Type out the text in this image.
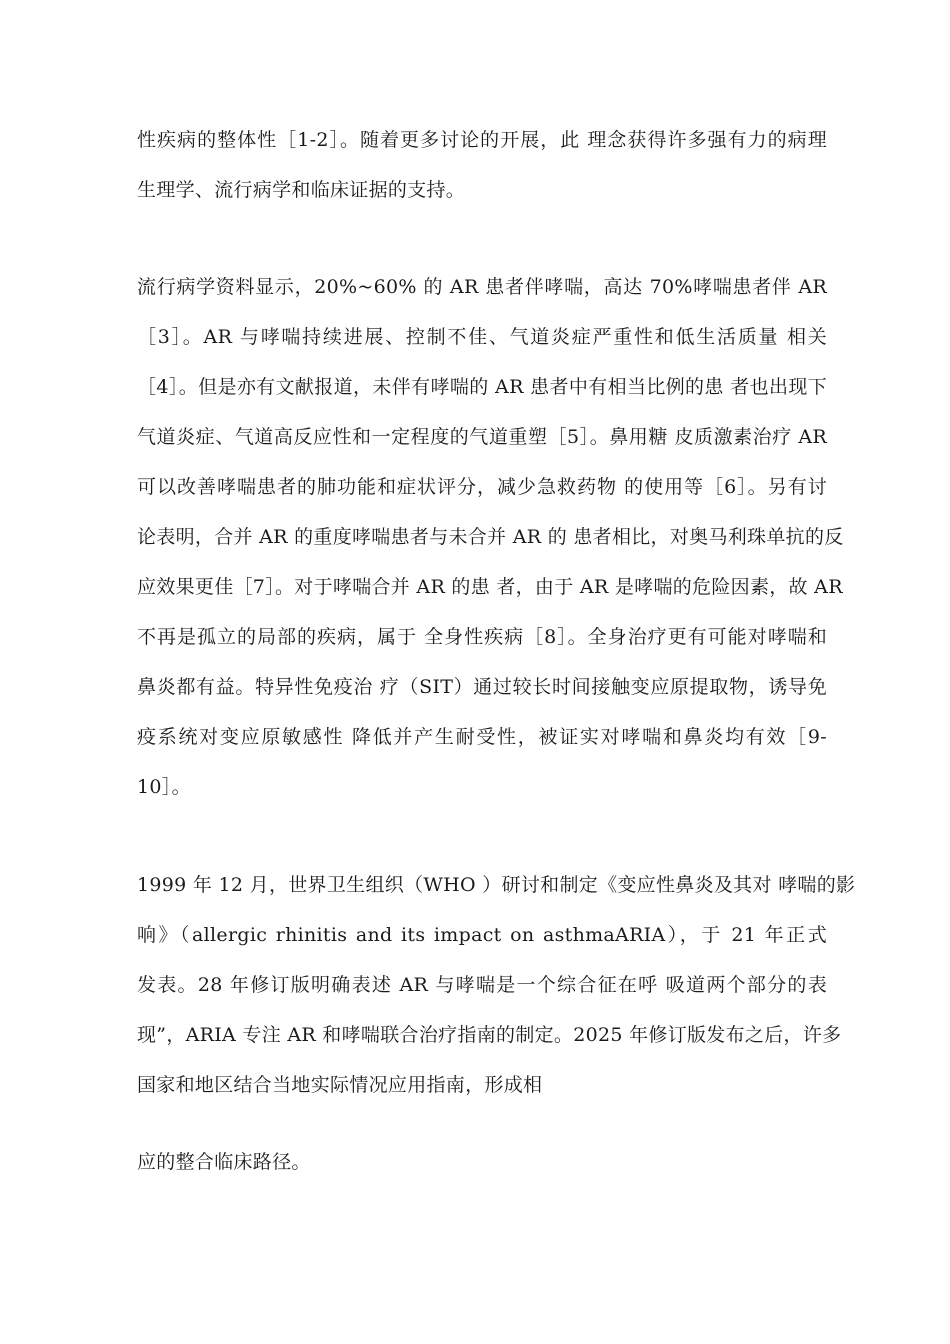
性疾病的整体性［1-2］。随着更多讨论的开展，此 理念获得许多强有力的病理
生理学、流行病学和临床证据的支持。
流行病学资料显示，20%~60% 的 AR 患者伴哮喘，高达 70%哮喘患者伴 AR
［3］。AR 与哮喘持续进展、控制不佳、气道炎症严重性和低生活质量 相关
［4］。但是亦有文献报道，未伴有哮喘的 AR 患者中有相当比例的患 者也出现下
气道炎症、气道高反应性和一定程度的气道重塑［5］。鼻用糖 皮质激素治疗 AR
可以改善哮喘患者的肺功能和症状评分，减少急救药物 的使用等［6］。另有讨
论表明，合并 AR 的重度哮喘患者与未合并 AR 的 患者相比，对奥马利珠单抗的反
应效果更佳［7］。对于哮喘合并 AR 的患 者，由于 AR 是哮喘的危险因素，故 AR
不再是孤立的局部的疾病，属于 全身性疾病［8］。全身治疗更有可能对哮喘和
鼻炎都有益。特异性免疫治 疗（SIT）通过较长时间接触变应原提取物，诱导免
疫系统对变应原敏感性 降低并产生耐受性，被证实对哮喘和鼻炎均有效［9-
10］。
1999 年 12 月，世界卫生组织（WHO ）研讨和制定《变应性鼻炎及其对 哮喘的影
响》（allergic rhinitis and its impact on asthmaARIA），于 21 年正式
发表。28 年修订版明确表述 AR 与哮喘是一个综合征在呼 吸道两个部分的表
现”，ARIA 专注 AR 和哮喘联合治疗指南的制定。2025 年修订版发布之后，许多
国家和地区结合当地实际情况应用指南，形成相
应的整合临床路径。
